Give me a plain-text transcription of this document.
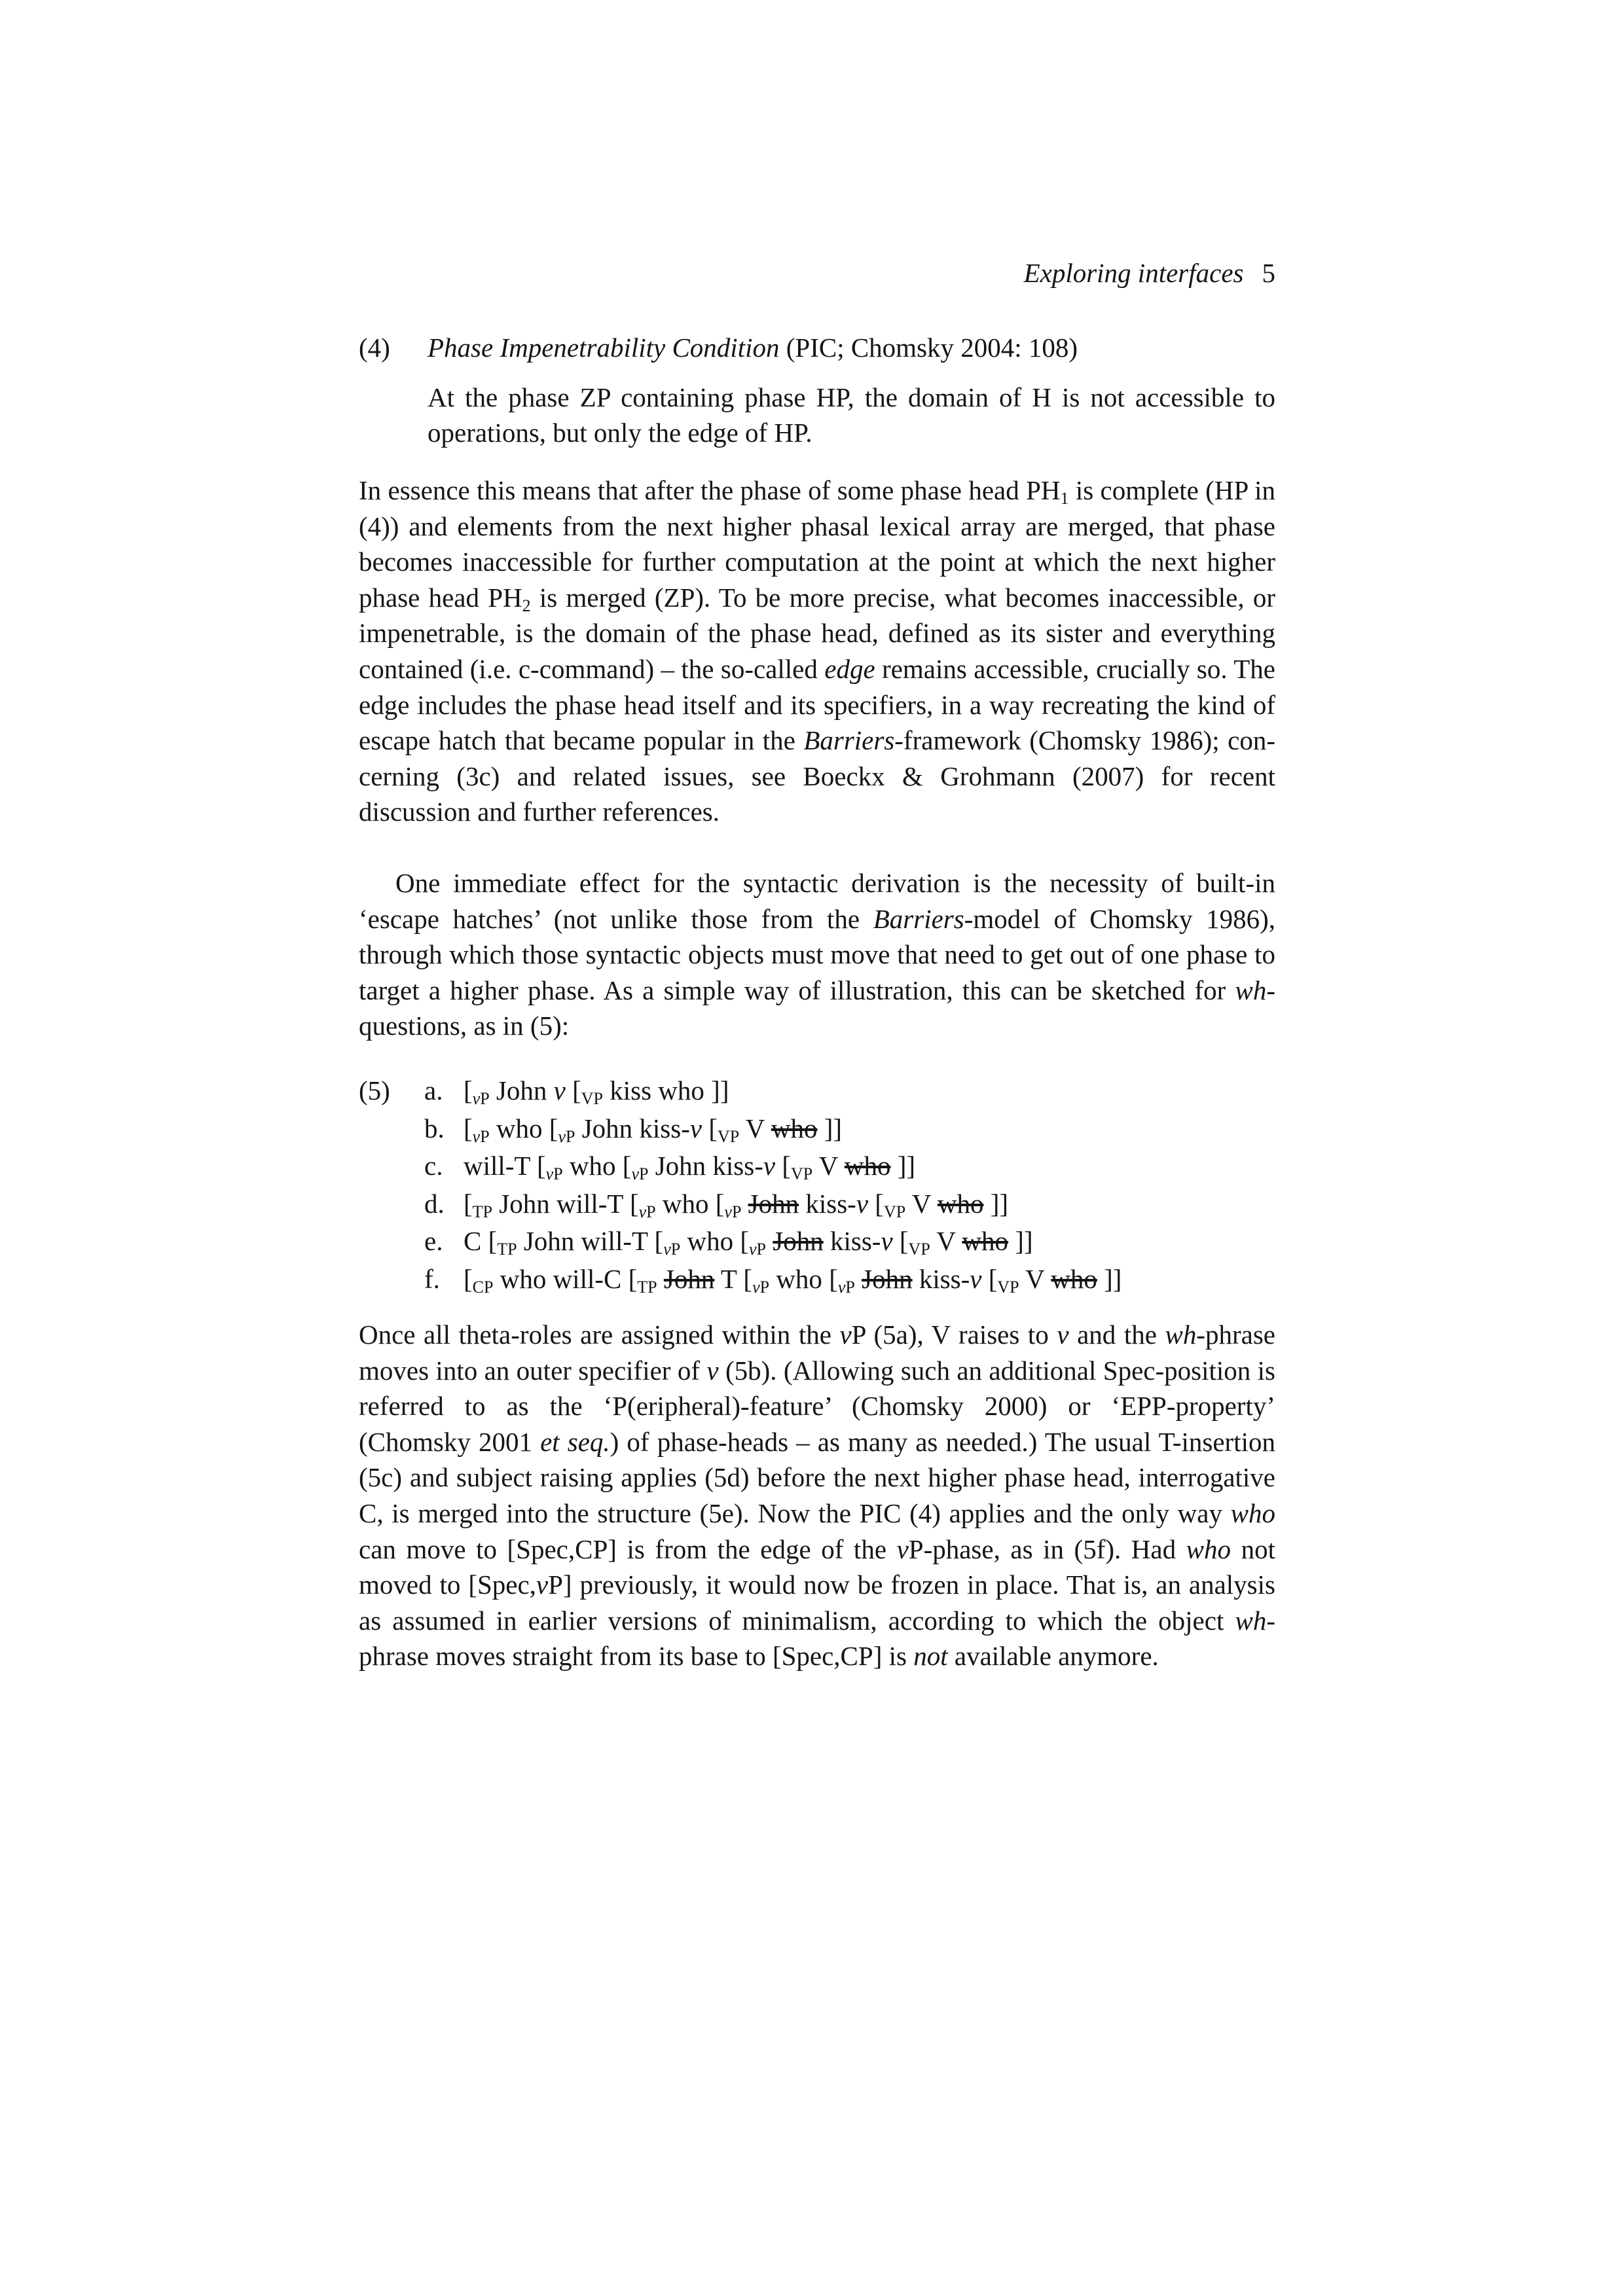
Exploring interfaces 5
(4) Phase Impenetrability Condition (PIC; Chomsky 2004: 108)
At the phase ZP containing phase HP, the domain of H is not accessible to operations, but only the edge of HP.

In essence this means that after the phase of some phase head $PH_1$ is complete (HP in (4)) and elements from the next higher phasal lexical array are merged, that phase becomes inaccessible for further computation at the point at which the next higher phase head $PH_2$ is merged (ZP). To be more precise, what becomes inaccessible, or impenetrable, is the domain of the phase head, defined as its sister and everything contained (i.e. c-command) – the so-called edge remains accessible, crucially so. The edge includes the phase head itself and its specifiers, in a way recreating the kind of escape hatch that became popular in the Barriers-framework (Chomsky 1986); concerning (3c) and related issues, see Boeckx & Grohmann (2007) for recent discussion and further references.

One immediate effect for the syntactic derivation is the necessity of built-in ‘escape hatches’ (not unlike those from the Barriers-model of Chomsky 1986), through which those syntactic objects must move that need to get out of one phase to target a higher phase. As a simple way of illustration, this can be sketched for wh-questions, as in (5):

(5) a. [$_{vP}$ John v [$_{VP}$ kiss who ]]
b. [$_{vP}$ who [$_{vP}$ John kiss-v [$_{VP}$ V who ]]
c. will-T [$_{vP}$ who [$_{vP}$ John kiss-v [$_{VP}$ V who ]]
d. [$_{TP}$ John will-T [$_{vP}$ who [$_{vP}$ John kiss-v [$_{VP}$ V who ]]
e. C [$_{TP}$ John will-T [$_{vP}$ who [$_{vP}$ John kiss-v [$_{VP}$ V who ]]
f. [$_{CP}$ who will-C [$_{TP}$ John T [$_{vP}$ who [$_{vP}$ John kiss-v [$_{VP}$ V who ]]

Once all theta-roles are assigned within the vP (5a), V raises to v and the wh-phrase moves into an outer specifier of v (5b). (Allowing such an additional Spec-position is referred to as the ‘P(eripheral)-feature’ (Chomsky 2000) or ‘EPP-property’ (Chomsky 2001 et seq.) of phase-heads – as many as needed.) The usual T-insertion (5c) and subject raising applies (5d) before the next higher phase head, interrogative C, is merged into the structure (5e). Now the PIC (4) applies and the only way who can move to [Spec,CP] is from the edge of the vP-phase, as in (5f). Had who not moved to [Spec,vP] previously, it would now be frozen in place. That is, an analysis as assumed in earlier versions of minimalism, according to which the object wh-phrase moves straight from its base to [Spec,CP] is not available anymore.
